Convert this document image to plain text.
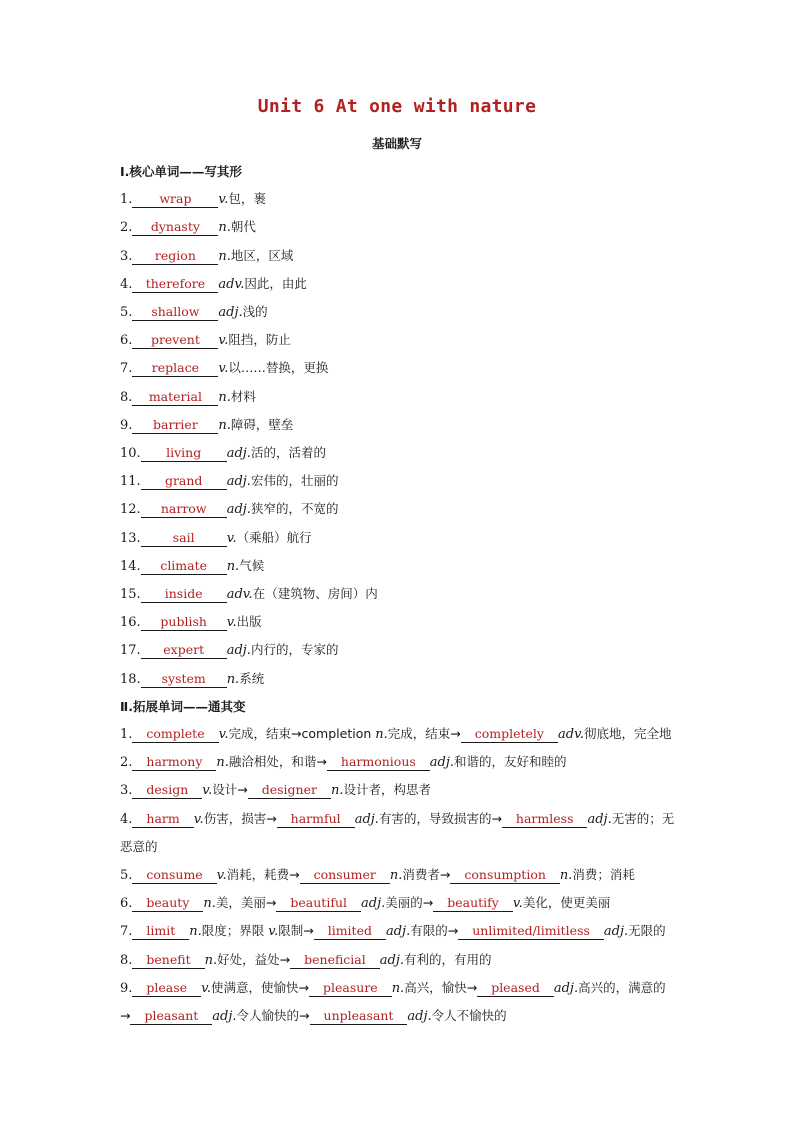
Unit 6 At one with nature
基础默写
Ⅰ.核心单词——写其形
1. wrap v.包，裹
2. dynasty n.朝代
3. region n.地区，区域
4. therefore adv.因此，由此
5. shallow adj.浅的
6. prevent v.阻挡，防止
7. replace v.以……替换，更换
8. material n.材料
9. barrier n.障碍，壁垒
10. living adj.活的，活着的
11. grand adj.宏伟的，壮丽的
12. narrow adj.狭窄的，不宽的
13.	sail v.（乘船）航行
14. climate n.气候
15. inside adv.在（建筑物、房间）内
16. publish v.出版
17. expert adj.内行的，专家的
18. system n.系统
Ⅱ.拓展单词——通其变
1. complete v.完成，结束→completion n.完成，结束→ completely adv.彻底地，完全地
2. harmony n.融洽相处，和谐→ harmonious adj.和谐的，友好和睦的
3. design v.设计→ designer n.设计者，构思者
4. harm v.伤害，损害→ harmful adj.有害的，导致损害的→ harmless adj.无害的；无恶意的
5. consume v.消耗，耗费→ consumer n.消费者→ consumption n.消费；消耗
6. beauty n.美，美丽→ beautiful adj.美丽的→ beautify v.美化，使更美丽
7. limit n.限度；界限 v.限制→ limited adj.有限的→ unlimited/limitless adj.无限的
8. benefit n.好处，益处→ beneficial adj.有利的，有用的
9. please v.使满意，使愉快→ pleasure n.高兴，愉快→ pleased adj.高兴的，满意的→ pleasant adj.令人愉快的→ unpleasant adj.令人不愉快的
